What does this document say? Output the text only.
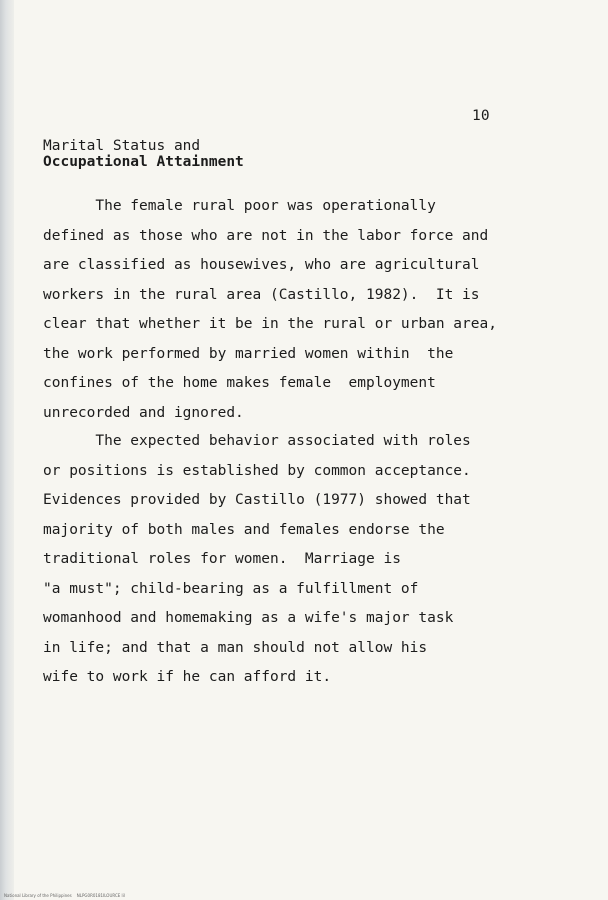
10
Marital Status and
Occupational Attainment
The female rural poor was operationally
defined as those who are not in the labor force and
are classified as housewives, who are agricultural
workers in the rural area (Castillo, 1982).  It is
clear that whether it be in the rural or urban area,
the work performed by married women within  the
confines of the home makes female  employment
unrecorded and ignored.
The expected behavior associated with roles
or positions is established by common acceptance.
Evidences provided by Castillo (1977) showed that
majority of both males and females endorse the
traditional roles for women.  Marriage is
"a must"; child-bearing as a fulfillment of
womanhood and homemaking as a wife's major task
in life; and that a man should not allow his
wife to work if he can afford it.
National Library of the Philippines    NLPG0R0181ILOURCE lil
